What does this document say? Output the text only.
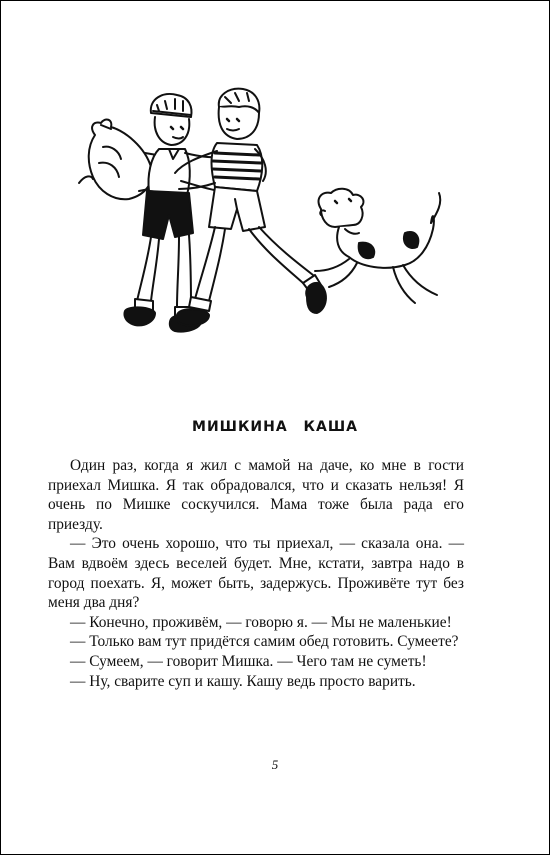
МИШКИНА КАША

Один раз, когда я жил с мамой на даче, ко мне в гости приехал Мишка. Я так обрадовался, что и сказать нельзя! Я очень по Мишке соскучился. Мама тоже была рада его приезду.

— Это очень хорошо, что ты приехал, — сказала она. — Вам вдвоём здесь веселей будет. Мне, кстати, завтра надо в город поехать. Я, может быть, задержусь. Проживёте тут без меня два дня?

— Конечно, проживём, — говорю я. — Мы не маленькие!

— Только вам тут придётся самим обед готовить. Сумеете?

— Сумеем, — говорит Мишка. — Чего там не суметь!

— Ну, сварите суп и кашу. Кашу ведь просто варить.

5
